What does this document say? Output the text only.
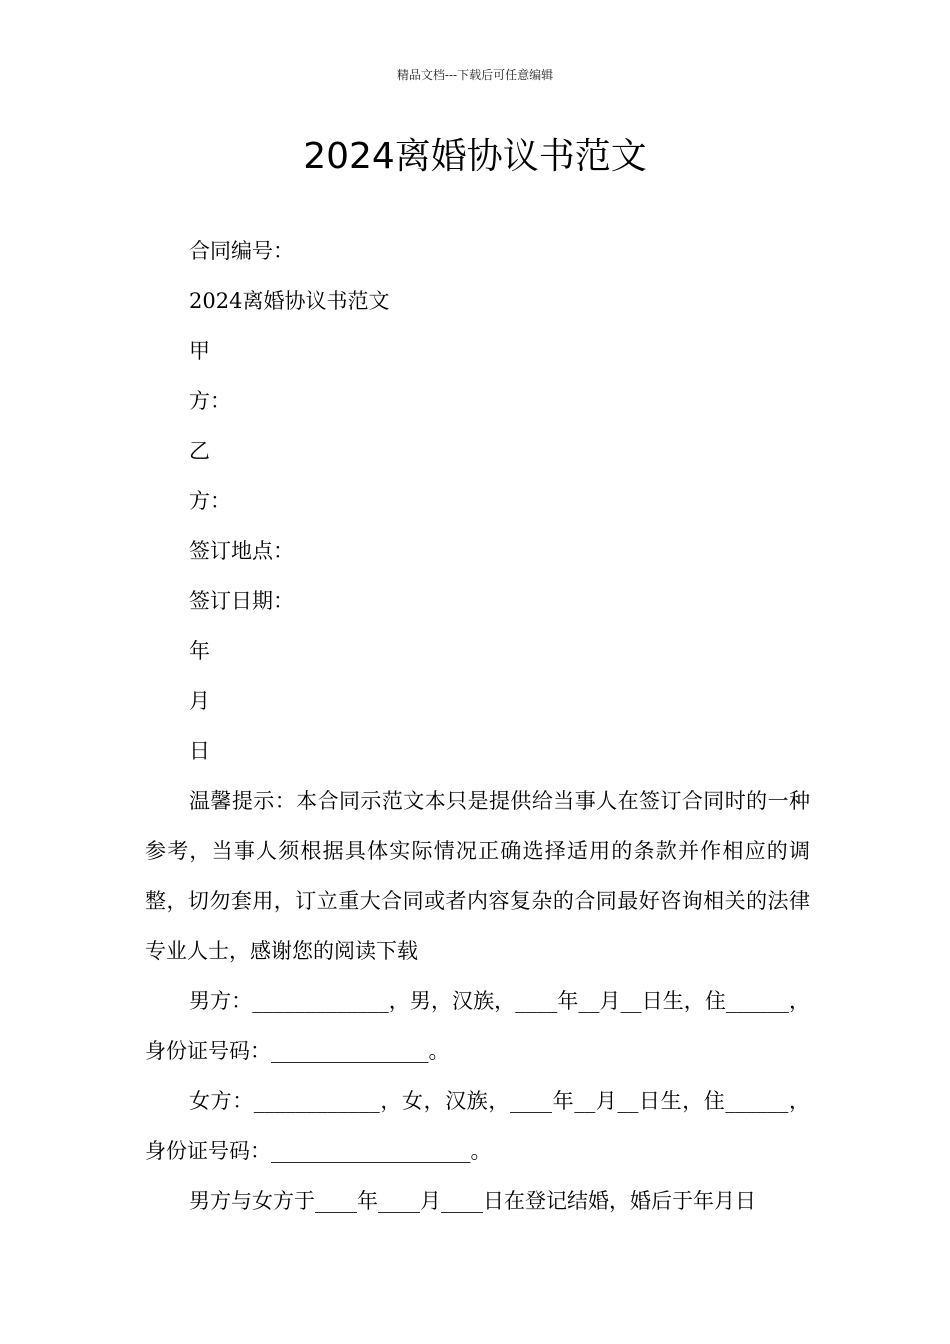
精品文档---下载后可任意编辑
2024离婚协议书范文
合同编号：
2024离婚协议书范文
甲
方：
乙
方：
签订地点：
签订日期：
年
月
日
温馨提示：本合同示范文本只是提供给当事人在签订合同时的一种参考，当事人须根据具体实际情况正确选择适用的条款并作相应的调整，切勿套用，订立重大合同或者内容复杂的合同最好咨询相关的法律专业人士，感谢您的阅读下载
男方：_____________，男，汉族，____年__月__日生，住______，身份证号码：_______________。
女方：____________，女，汉族，____年__月__日生，住______，身份证号码：___________________。
男方与女方于____年____月____日在登记结婚，婚后于年月日
